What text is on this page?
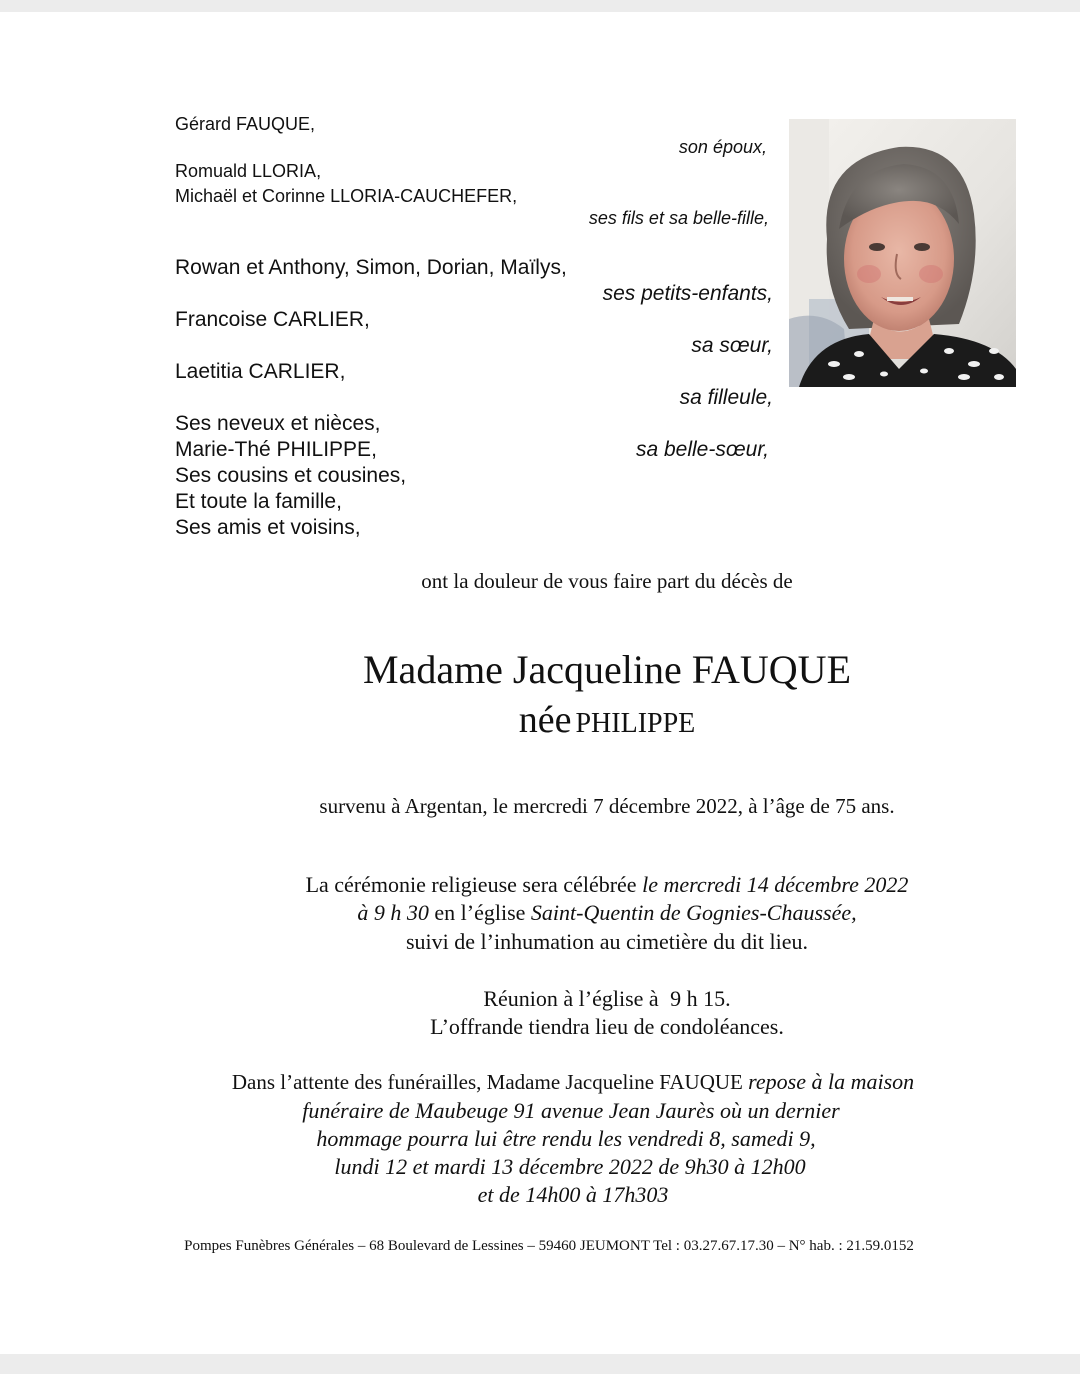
Gérard FAUQUE,
son époux,
Romuald LLORIA,
Michaël et Corinne LLORIA-CAUCHEFER,
ses fils et sa belle-fille,
Rowan et Anthony, Simon, Dorian, Maïlys,
ses petits-enfants,
Francoise CARLIER,
sa sœur,
Laetitia CARLIER,
sa filleule,
Ses neveux et nièces,
Marie-Thé PHILIPPE,	sa belle-sœur,
Ses cousins et cousines,
Et toute la famille,
Ses amis et voisins,
ont la douleur de vous faire part du décès de
Madame Jacqueline FAUQUE
née PHILIPPE
survenu à Argentan, le mercredi 7 décembre 2022, à l’âge de 75 ans.
La cérémonie religieuse sera célébrée le mercredi 14 décembre 2022
à 9 h 30 en l’église Saint-Quentin de Gognies-Chaussée,
suivi de l’inhumation au cimetière du dit lieu.
Réunion à l’église à 9 h 15.
L’offrande tiendra lieu de condoléances.
Dans l’attente des funérailles, Madame Jacqueline FAUQUE repose à la maison
funéraire de Maubeuge 91 avenue Jean Jaurès où un dernier
hommage pourra lui être rendu les vendredi 8, samedi 9,
lundi 12 et mardi 13 décembre 2022 de 9h30 à 12h00
et de 14h00 à 17h303
Pompes Funèbres Générales – 68 Boulevard de Lessines – 59460 JEUMONT Tel : 03.27.67.17.30 – N° hab. : 21.59.0152
